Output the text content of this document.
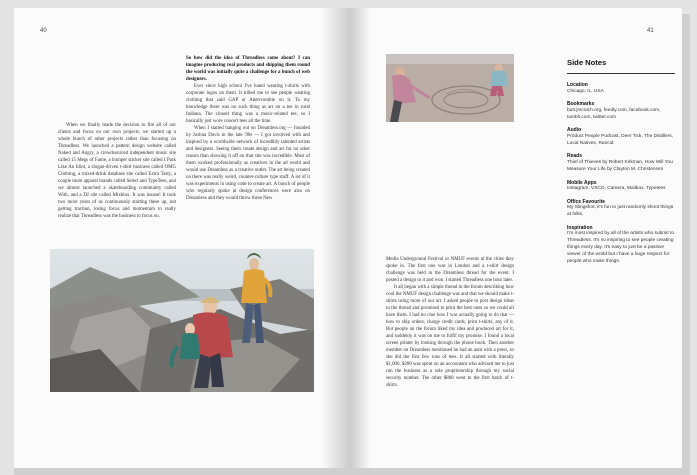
40

When we finally made the decision to fire all of our clients and focus on our own projects, we started up a whole bunch of other projects rather than focusing on Threadless. We launched a pattern design website called Naked and Angry, a crowdsourced independent music site called 15 Megs of Fame, a bumper sticker site called I Park Like An Idiot, a slogan-driven t-shirt business called OMG Clothing, a mixed-drink database site called Extra Tasty, a couple more apparel brands called Select and TypeTees, and we almost launched a skateboarding community called With, and a DJ site called Mixblox. It was insane! It took two more years of us continuously starting these up, not getting traction, losing focus and momentum to really realize that Threadless was the business to focus on.

So how did the idea of Threadless come about? I can imagine producing real products and shipping them round the world was initially quite a challenge for a bunch of web designers.

Ever since high school I've hated wearing t-shirts with corporate logos on them. It killed me to see people wearing clothing that said GAP or Abercrombie on it. To my knowledge there was no such thing as art on a tee in rural Indiana. The closest thing was a music-related tee, so I basically just wore concert tees all the time.

When I started hanging out on Dreamless.org — founded by Joshua Davis in the late '90s — I got involved with and inspired by a worldwide network of incredibly talented artists and designers. Seeing them create design and art for no other reason than showing it off on that site was incredible. Most of them worked professionally as creatives in the ad world and would use Dreamless as a creative outlet. The art being created on there was really weird, counter-culture type stuff. A lot of it was experiments in using code to create art. A bunch of people who regularly spoke at design conferences were also on Dreamless and they would throw these New

41

Media Underground Festival or NMUF events at the cities they spoke in. The first one was in London and a t-shirt design challenge was held in the Dreamless thread for the event. I posted a design to it and won. I started Threadless one hour later.

It all began with a simple thread in the forum describing how cool the NMUF design challenge was and that we should make t-shirts using more of our art. I asked people to post design ideas in the thread and promised to print the best ones so we could all have them. I had no clue how I was actually going to do that — how to ship orders, charge credit cards, print t-shirts, any of it. But people on the forum liked my idea and produced art for it, and suddenly it was on me to fulfil my promise. I found a local screen printer by looking through the phone book. Then another member on Dreamless mentioned he had an aunt with a press, so she did the first few runs of tees. It all started with literally $1,000. $200 was spent on an accountant who advised me to just run the business as a sole proprietorship through my social security number. The other $800 went to the first batch of t-shirts.

Side Notes
Location
Chicago, IL, USA
Bookmarks
butt.jrscotch.org, feedly.com, facebook.com, tumblr.com, twitter.com
Audio
Product People Podcast, Deer Tick, The Distillers, Local Natives, Rancid
Reads
Thief of Thieves by Robert Kirkman, How Will You Measure Your Life by Clayton M. Christensen
Mobile Apps
Instagram, VSCO, Camera, Mailbox, Typetees
Office Favourite
My Slingshot, it's fun to just randomly shoot things at folks.
Inspiration
I'm most inspired by all of the artists who submit to Threadless. It's so inspiring to see people creating things every day. It's easy to just be a passive viewer of the world but I have a huge respect for people who make things.
